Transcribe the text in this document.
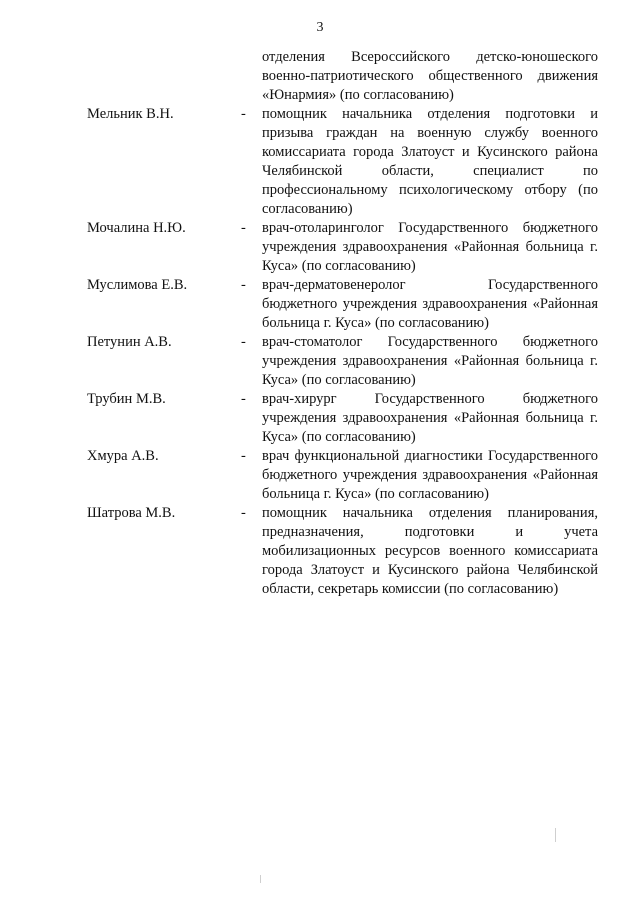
3
отделения Всероссийского детско-юношеского военно-патриотического общественного движения «Юнармия» (по согласованию)
Мельник В.Н.	- помощник начальника отделения подготовки и призыва граждан на военную службу военного комиссариата города Златоуст и Кусинского района Челябинской области, специалист по профессиональному психологическому отбору (по согласованию)
Мочалина Н.Ю.	- врач-отоларинголог Государственного бюджетного учреждения здравоохранения «Районная больница г. Куса» (по согласованию)
Муслимова Е.В.	- врач-дерматовенеролог Государственного бюджетного учреждения здравоохранения «Районная больница г. Куса» (по согласованию)
Петунин А.В.	- врач-стоматолог Государственного бюджетного учреждения здравоохранения «Районная больница г. Куса» (по согласованию)
Трубин М.В.	- врач-хирург Государственного бюджетного учреждения здравоохранения «Районная больница г. Куса» (по согласованию)
Хмура А.В.	- врач функциональной диагностики Государственного бюджетного учреждения здравоохранения «Районная больница г. Куса» (по согласованию)
Шатрова М.В.	- помощник начальника отделения планирования, предназначения, подготовки и учета мобилизационных ресурсов военного комиссариата города Златоуст и Кусинского района Челябинской области, секретарь комиссии (по согласованию)
